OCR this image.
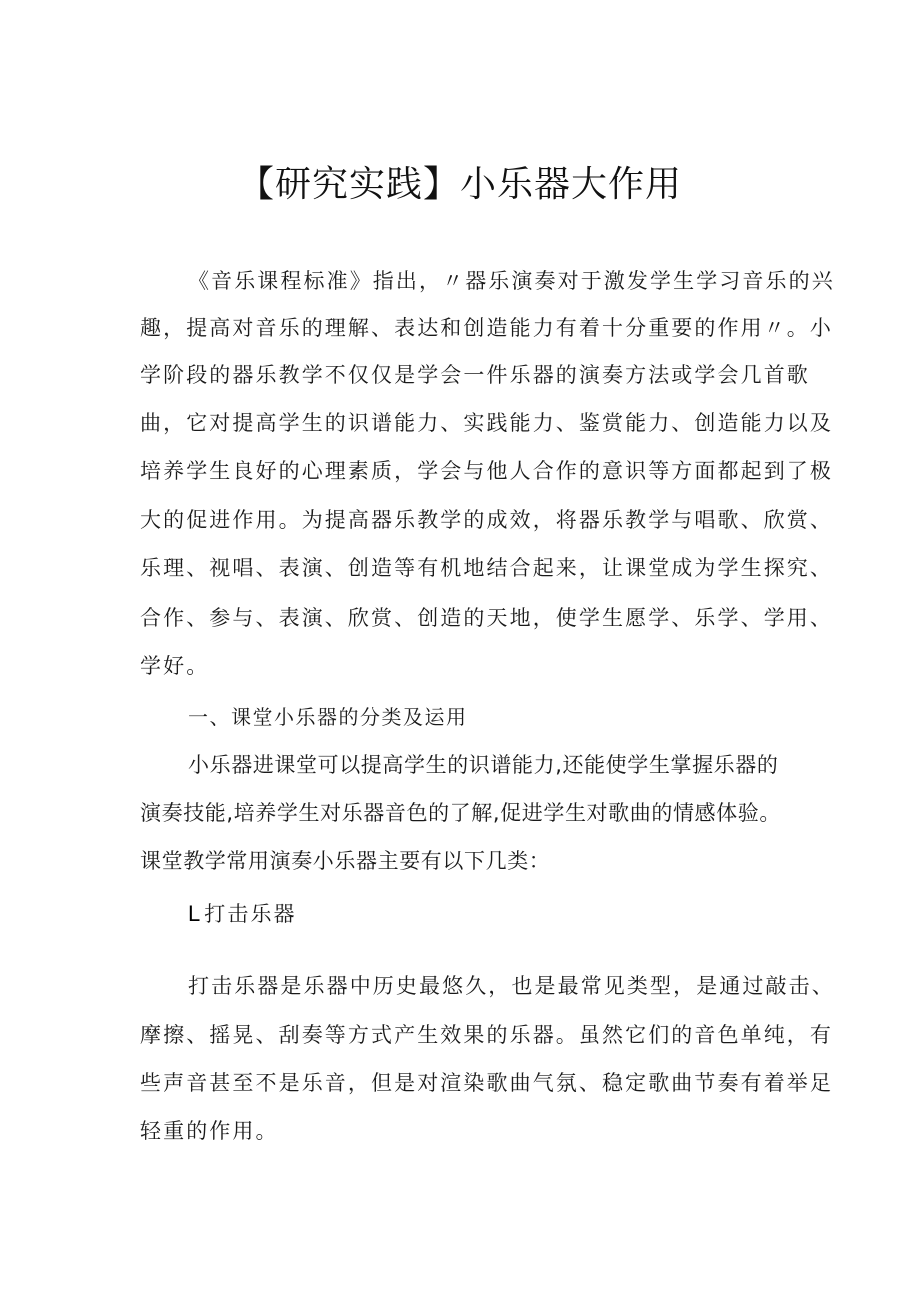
【研究实践】小乐器大作用
《音乐课程标准》指出，〃器乐演奏对于激发学生学习音乐的兴
趣，提高对音乐的理解、表达和创造能力有着十分重要的作用〃。小
学阶段的器乐教学不仅仅是学会一件乐器的演奏方法或学会几首歌
曲，它对提高学生的识谱能力、实践能力、鉴赏能力、创造能力以及
培养学生良好的心理素质，学会与他人合作的意识等方面都起到了极
大的促进作用。为提高器乐教学的成效，将器乐教学与唱歌、欣赏、
乐理、视唱、表演、创造等有机地结合起来，让课堂成为学生探究、
合作、参与、表演、欣赏、创造的天地，使学生愿学、乐学、学用、
学好。
一、课堂小乐器的分类及运用
小乐器进课堂可以提高学生的识谱能力,还能使学生掌握乐器的
演奏技能,培养学生对乐器音色的了解,促进学生对歌曲的情感体验。
课堂教学常用演奏小乐器主要有以下几类：
L 打击乐器
打击乐器是乐器中历史最悠久，也是最常见类型，是通过敲击、
摩擦、摇晃、刮奏等方式产生效果的乐器。虽然它们的音色单纯，有
些声音甚至不是乐音，但是对渲染歌曲气氛、稳定歌曲节奏有着举足
轻重的作用。
